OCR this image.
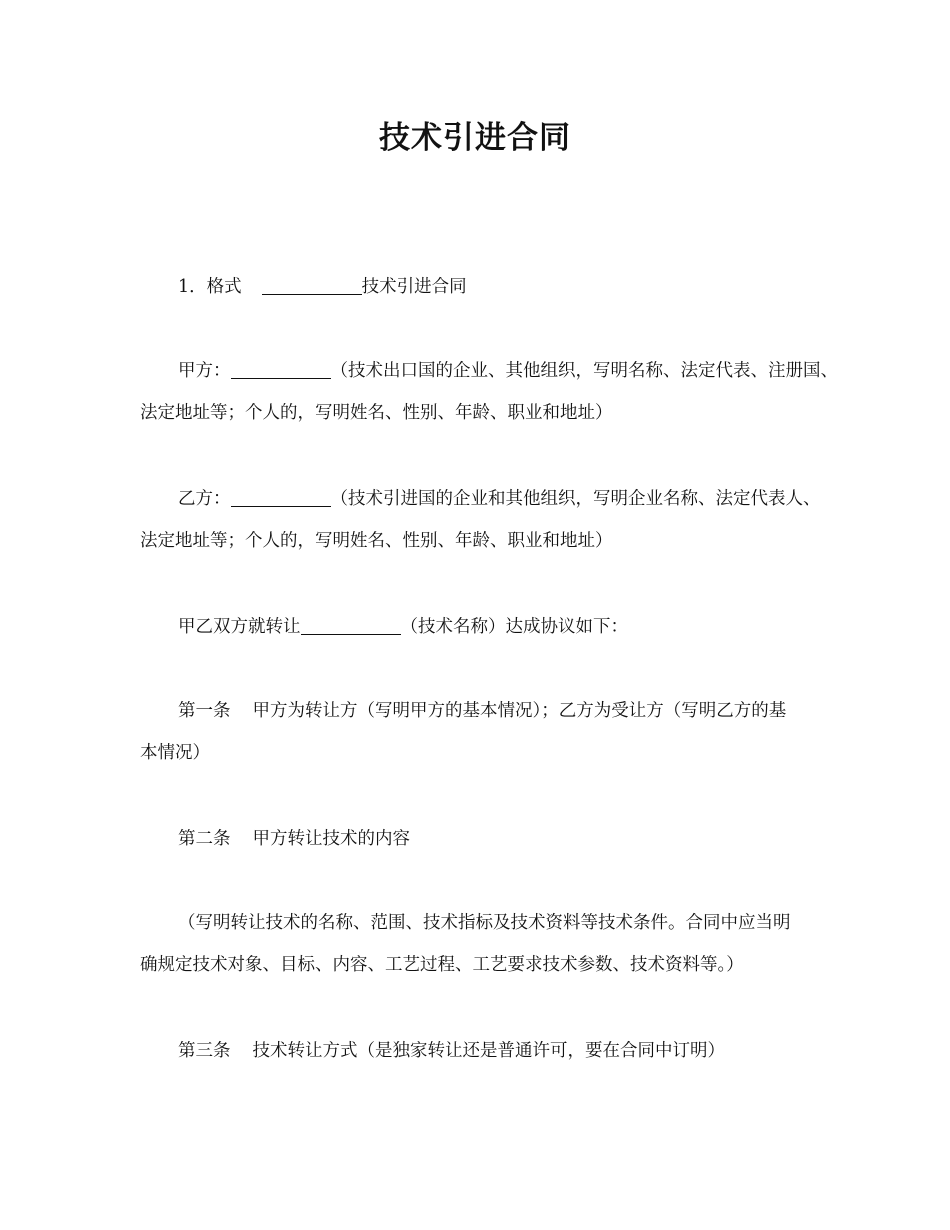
技术引进合同

1．格式	技术引进合同

甲方：	（技术出口国的企业、其他组织，写明名称、法定代表、注册国、
法定地址等；个人的，写明姓名、性别、年龄、职业和地址）

乙方：	（技术引进国的企业和其他组织，写明企业名称、法定代表人、
法定地址等；个人的，写明姓名、性别、年龄、职业和地址）

甲乙双方就转让	（技术名称）达成协议如下：

第一条 甲方为转让方（写明甲方的基本情况）；乙方为受让方（写明乙方的基
本情况）

第二条 甲方转让技术的内容

（写明转让技术的名称、范围、技术指标及技术资料等技术条件。合同中应当明
确规定技术对象、目标、内容、工艺过程、工艺要求技术参数、技术资料等。）

第三条 技术转让方式（是独家转让还是普通许可，要在合同中订明）
